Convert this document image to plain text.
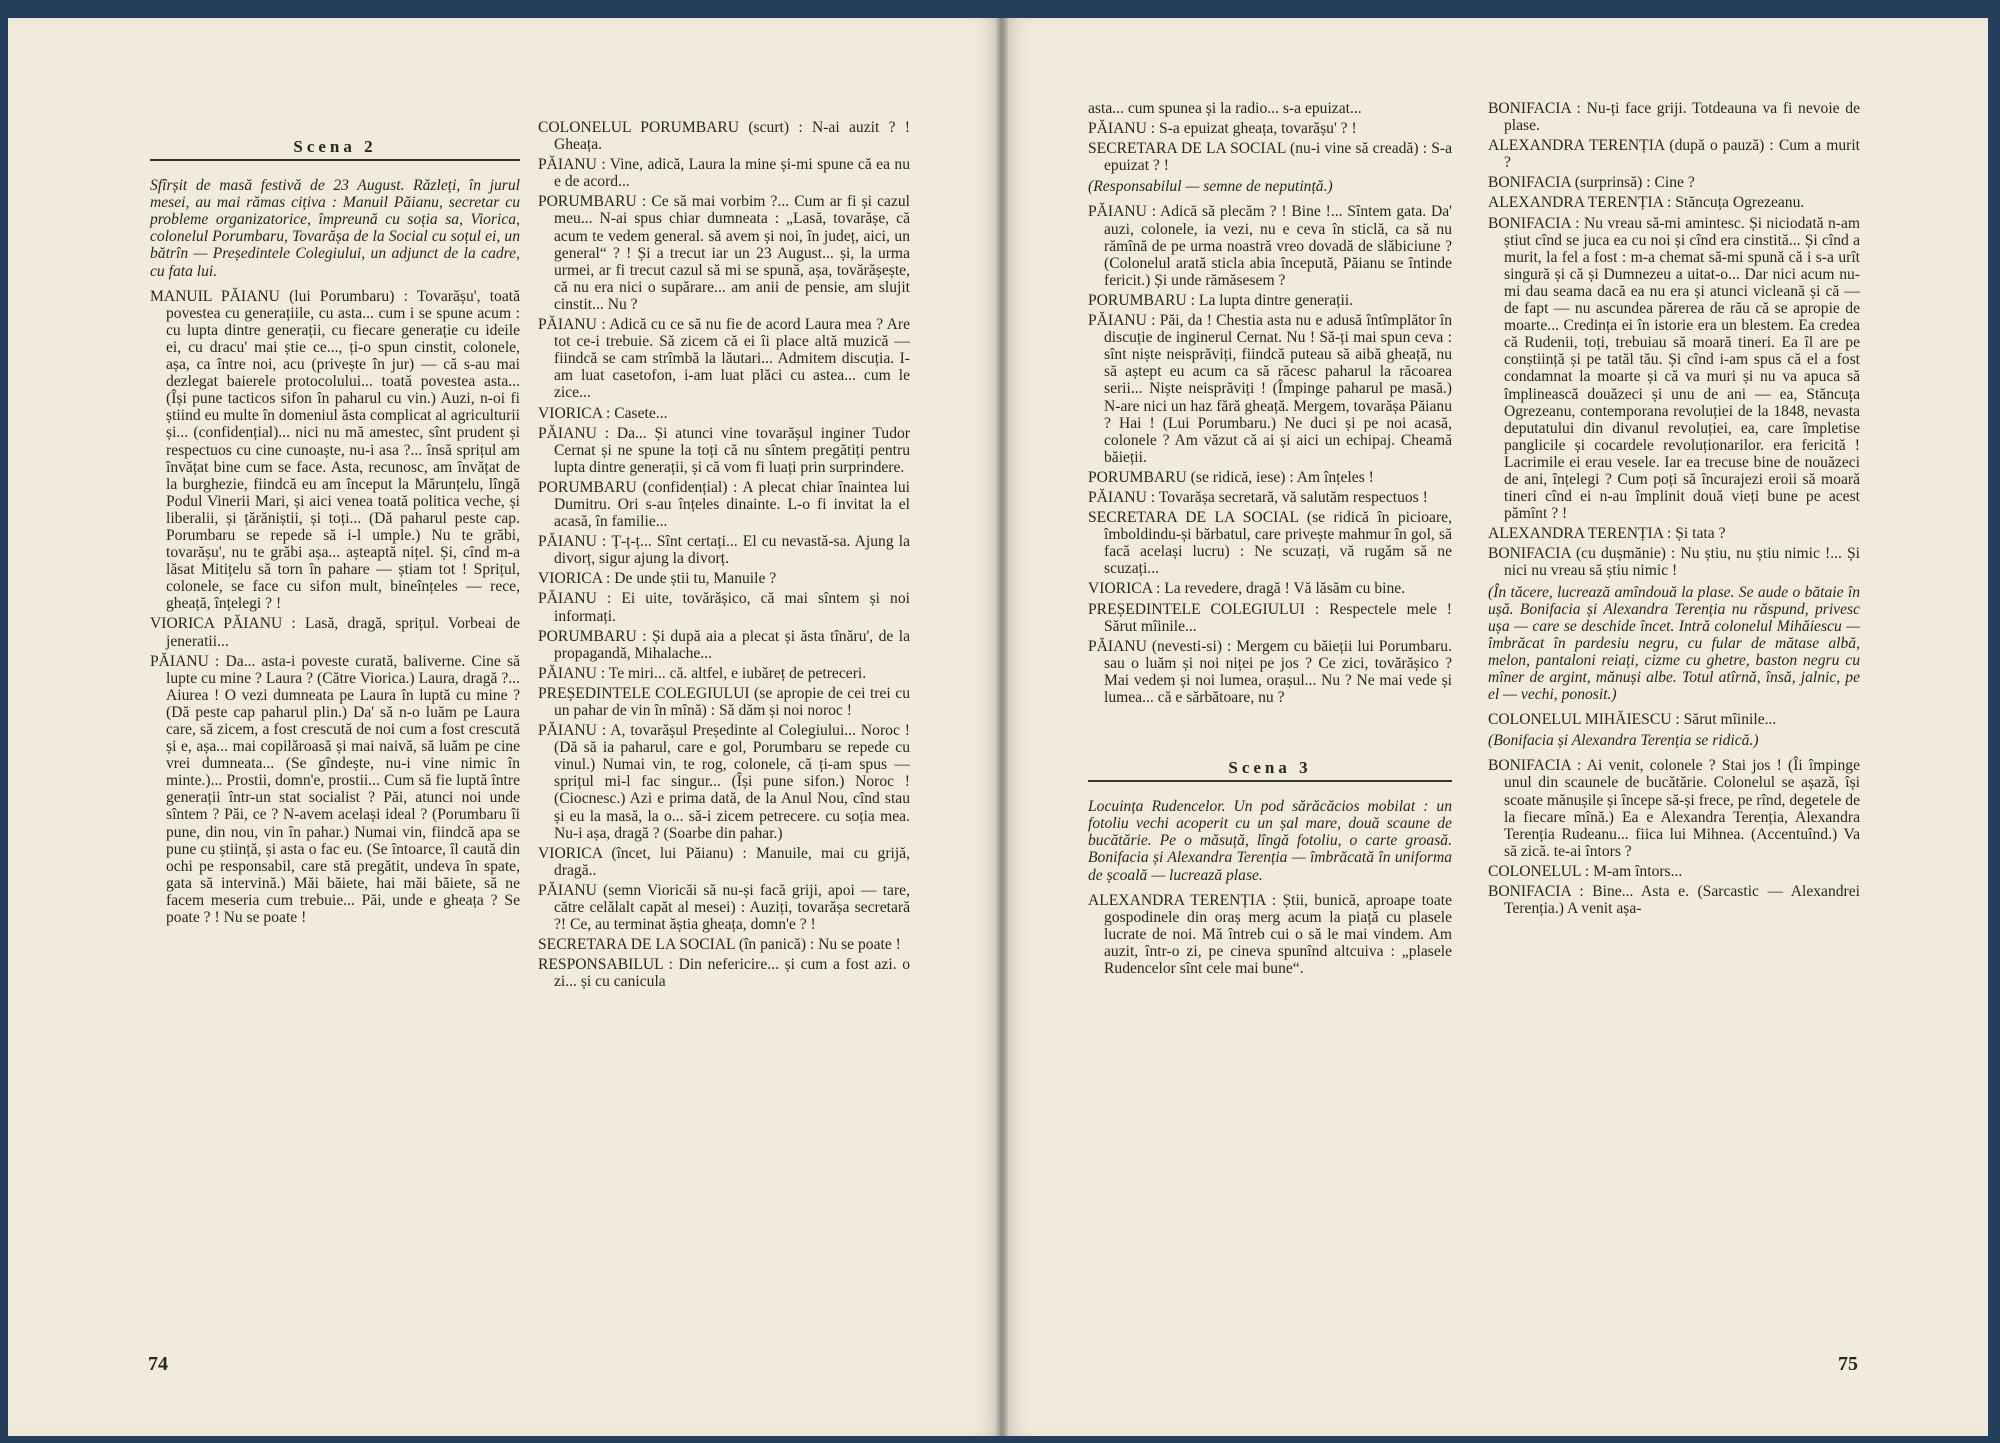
Scena 2

Sfîrșit de masă festivă de 23 August. Răzleți, în jurul mesei, au mai rămas cițiva : Manuil Păianu, secretar cu probleme organizatorice, împreună cu soția sa, Viorica, colonelul Porumbaru, Tovarășa de la Social cu soțul ei, un bătrîn — Președintele Colegiului, un adjunct de la cadre, cu fata lui.

MANUIL PĂIANU (lui Porumbaru) : Tovarășu', toată povestea cu generațiile, cu asta... cum i se spune acum : cu lupta dintre generații, cu fiecare generație cu ideile ei, cu dracu' mai știe ce..., ți-o spun cinstit, colonele, așa, ca între noi, acu (privește în jur) — că s-au mai dezlegat baierele protocolului... toată povestea asta... (Își pune tacticos sifon în paharul cu vin.) Auzi, n-oi fi știind eu multe în domeniul ăsta complicat al agriculturii și... (confidențial)... nici nu mă amestec, sînt prudent și respectuos cu cine cunoaște, nu-i asa ?... însă sprițul am învățat bine cum se face. Asta, recunosc, am învățat de la burghezie, fiindcă eu am început la Mărunțelu, lîngă Podul Vinerii Mari, și aici venea toată politica veche, și liberalii, și țărăniștii, și toți... (Dă paharul peste cap. Porumbaru se repede să i-l umple.) Nu te grăbi, tovarășu', nu te grăbi așa... așteaptă nițel. Și, cînd m-a lăsat Mitițelu să torn în pahare — știam tot ! Sprițul, colonele, se face cu sifon mult, bineînțeles — rece, gheață, înțelegi ? !

VIORICA PĂIANU : Lasă, dragă, sprițul. Vorbeai de jeneratii...

PĂIANU : Da... asta-i poveste curată, baliverne. Cine să lupte cu mine ? Laura ? (Către Viorica.) Laura, dragă ?... Aiurea ! O vezi dumneata pe Laura în luptă cu mine ? (Dă peste cap paharul plin.) Da' să n-o luăm pe Laura care, să zicem, a fost crescută de noi cum a fost crescută și e, așa... mai copilăroasă și mai naivă, să luăm pe cine vrei dumneata... (Se gîndește, nu-i vine nimic în minte.)... Prostii, domn'e, prostii... Cum să fie luptă între generații într-un stat socialist ? Păi, atunci noi unde sîntem ? Păi, ce ? N-avem același ideal ? (Porumbaru îi pune, din nou, vin în pahar.) Numai vin, fiindcă apa se pune cu știință, și asta o fac eu. (Se întoarce, îl caută din ochi pe responsabil, care stă pregătit, undeva în spate, gata să intervină.) Măi băiete, hai măi băiete, să ne facem meseria cum trebuie... Păi, unde e gheața ? Se poate ? ! Nu se poate !

COLONELUL PORUMBARU (scurt) : N-ai auzit ? ! Gheața.

PĂIANU : Vine, adică, Laura la mine și-mi spune că ea nu e de acord...

PORUMBARU : Ce să mai vorbim ?... Cum ar fi și cazul meu... N-ai spus chiar dumneata : „Lasă, tovarășe, că acum te vedem general. să avem și noi, în județ, aici, un general“ ? ! Și a trecut iar un 23 August... și, la urma urmei, ar fi trecut cazul să mi se spună, așa, tovărășește, că nu era nici o supărare... am anii de pensie, am slujit cinstit... Nu ?

PĂIANU : Adică cu ce să nu fie de acord Laura mea ? Are tot ce-i trebuie. Să zicem că ei îi place altă muzică — fiindcă se cam strîmbă la lăutari... Admitem discuția. I-am luat casetofon, i-am luat plăci cu astea... cum le zice...

VIORICA : Casete...

PĂIANU : Da... Și atunci vine tovarășul inginer Tudor Cernat și ne spune la toți că nu sîntem pregătiți pentru lupta dintre generații, și că vom fi luați prin surprindere.

PORUMBARU (confidențial) : A plecat chiar înaintea lui Dumitru. Ori s-au înțeles dinainte. L-o fi invitat la el acasă, în familie...

PĂIANU : Ț-ț-ț... Sînt certați... El cu nevastă-sa. Ajung la divorț, sigur ajung la divorț.

VIORICA : De unde știi tu, Manuile ?

PĂIANU : Ei uite, tovărășico, că mai sîntem și noi informați.

PORUMBARU : Și după aia a plecat și ăsta tînăru', de la propagandă, Mihalache...

PĂIANU : Te miri... că. altfel, e iubăreț de petreceri.

PREȘEDINTELE COLEGIULUI (se apropie de cei trei cu un pahar de vin în mînă) : Să dăm și noi noroc !

PĂIANU : A, tovarășul Președinte al Colegiului... Noroc ! (Dă să ia paharul, care e gol, Porumbaru se repede cu vinul.) Numai vin, te rog, colonele, că ți-am spus — sprițul mi-l fac singur... (Își pune sifon.) Noroc ! (Ciocnesc.) Azi e prima dată, de la Anul Nou, cînd stau și eu la masă, la o... să-i zicem petrecere. cu soția mea. Nu-i așa, dragă ? (Soarbe din pahar.)

VIORICA (încet, lui Păianu) : Manuile, mai cu grijă, dragă..

PĂIANU (semn Vioricăi să nu-și facă griji, apoi — tare, către celălalt capăt al mesei) : Auziți, tovarășa secretară ?! Ce, au terminat ăștia gheața, domn'e ? !

SECRETARA DE LA SOCIAL (în panică) : Nu se poate !

RESPONSABILUL : Din nefericire... și cum a fost azi. o zi... și cu canicula

74

asta... cum spunea și la radio... s-a epuizat...

PĂIANU : S-a epuizat gheața, tovarășu' ? !

SECRETARA DE LA SOCIAL (nu-i vine să creadă) : S-a epuizat ? !

(Responsabilul — semne de neputință.)

PĂIANU : Adică să plecăm ? ! Bine !... Sîntem gata. Da' auzi, colonele, ia vezi, nu e ceva în sticlă, ca să nu rămînă de pe urma noastră vreo dovadă de slăbiciune ? (Colonelul arată sticla abia începută, Păianu se întinde fericit.) Și unde rămăsesem ?

PORUMBARU : La lupta dintre generații.

PĂIANU : Păi, da ! Chestia asta nu e adusă întîmplător în discuție de inginerul Cernat. Nu ! Să-ți mai spun ceva : sînt niște neisprăviți, fiindcă puteau să aibă gheață, nu să aștept eu acum ca să răcesc paharul la răcoarea serii... Niște neisprăviți ! (Împinge paharul pe masă.) N-are nici un haz fără gheață. Mergem, tovarășa Păianu ? Hai ! (Lui Porumbaru.) Ne duci și pe noi acasă, colonele ? Am văzut că ai și aici un echipaj. Cheamă băieții.

PORUMBARU (se ridică, iese) : Am înțeles !

PĂIANU : Tovarășa secretară, vă salutăm respectuos !

SECRETARA DE LA SOCIAL (se ridică în picioare, îmboldindu-și bărbatul, care privește mahmur în gol, să facă același lucru) : Ne scuzați, vă rugăm să ne scuzați...

VIORICA : La revedere, dragă ! Vă lăsăm cu bine.

PREȘEDINTELE COLEGIULUI : Respectele mele ! Sărut mîinile...

PĂIANU (nevesti-si) : Mergem cu băieții lui Porumbaru. sau o luăm și noi niței pe jos ? Ce zici, tovărășico ? Mai vedem și noi lumea, orașul... Nu ? Ne mai vede și lumea... că e sărbătoare, nu ?

Scena 3

Locuința Rudencelor. Un pod sărăcăcios mobilat : un fotoliu vechi acoperit cu un șal mare, două scaune de bucătărie. Pe o măsuță, lîngă fotoliu, o carte groasă. Bonifacia și Alexandra Terenția — îmbrăcată în uniforma de școală — lucrează plase.

ALEXANDRA TERENȚIA : Știi, bunică, aproape toate gospodinele din oraș merg acum la piață cu plasele lucrate de noi. Mă întreb cui o să le mai vindem. Am auzit, într-o zi, pe cineva spunînd altcuiva : „plasele Rudencelor sînt cele mai bune“.

BONIFACIA : Nu-ți face griji. Totdeauna va fi nevoie de plase.

ALEXANDRA TERENȚIA (după o pauză) : Cum a murit ?

BONIFACIA (surprinsă) : Cine ?

ALEXANDRA TERENȚIA : Stăncuța Ogrezeanu.

BONIFACIA : Nu vreau să-mi amintesc. Și niciodată n-am știut cînd se juca ea cu noi și cînd era cinstită... Și cînd a murit, la fel a fost : m-a chemat să-mi spună că i s-a urît singură și că și Dumnezeu a uitat-o... Dar nici acum nu-mi dau seama dacă ea nu era și atunci vicleană și că — de fapt — nu ascundea părerea de rău că se apropie de moarte... Credința ei în istorie era un blestem. Ea credea că Rudenii, toți, trebuiau să moară tineri. Ea îl are pe conștiință și pe tatăl tău. Și cînd i-am spus că el a fost condamnat la moarte și că va muri și nu va apuca să împlinească douăzeci și unu de ani — ea, Stăncuța Ogrezeanu, contemporana revoluției de la 1848, nevasta deputatului din divanul revoluției, ea, care împletise panglicile și cocardele revoluționarilor. era fericită ! Lacrimile ei erau vesele. Iar ea trecuse bine de nouăzeci de ani, înțelegi ? Cum poți să încurajezi eroii să moară tineri cînd ei n-au împlinit două vieți bune pe acest pămînt ? !

ALEXANDRA TERENȚIA : Și tata ?

BONIFACIA (cu dușmănie) : Nu știu, nu știu nimic !... Și nici nu vreau să știu nimic !

(În tăcere, lucrează amîndouă la plase. Se aude o bătaie în ușă. Bonifacia și Alexandra Terenția nu răspund, privesc ușa — care se deschide încet. Intră colonelul Mihăiescu — îmbrăcat în pardesiu negru, cu fular de mătase albă, melon, pantaloni reiați, cizme cu ghetre, baston negru cu mîner de argint, mănuși albe. Totul atîrnă, însă, jalnic, pe el — vechi, ponosit.)

COLONELUL MIHĂIESCU : Sărut mîinile...

(Bonifacia și Alexandra Terenția se ridică.)

BONIFACIA : Ai venit, colonele ? Stai jos ! (Îi împinge unul din scaunele de bucătărie. Colonelul se așază, își scoate mănușile și începe să-și frece, pe rînd, degetele de la fiecare mînă.) Ea e Alexandra Terenția, Alexandra Terenția Rudeanu... fiica lui Mihnea. (Accentuînd.) Va să zică. te-ai întors ?

COLONELUL : M-am întors...

BONIFACIA : Bine... Asta e. (Sarcastic — Alexandrei Terenția.) A venit așa-

75
